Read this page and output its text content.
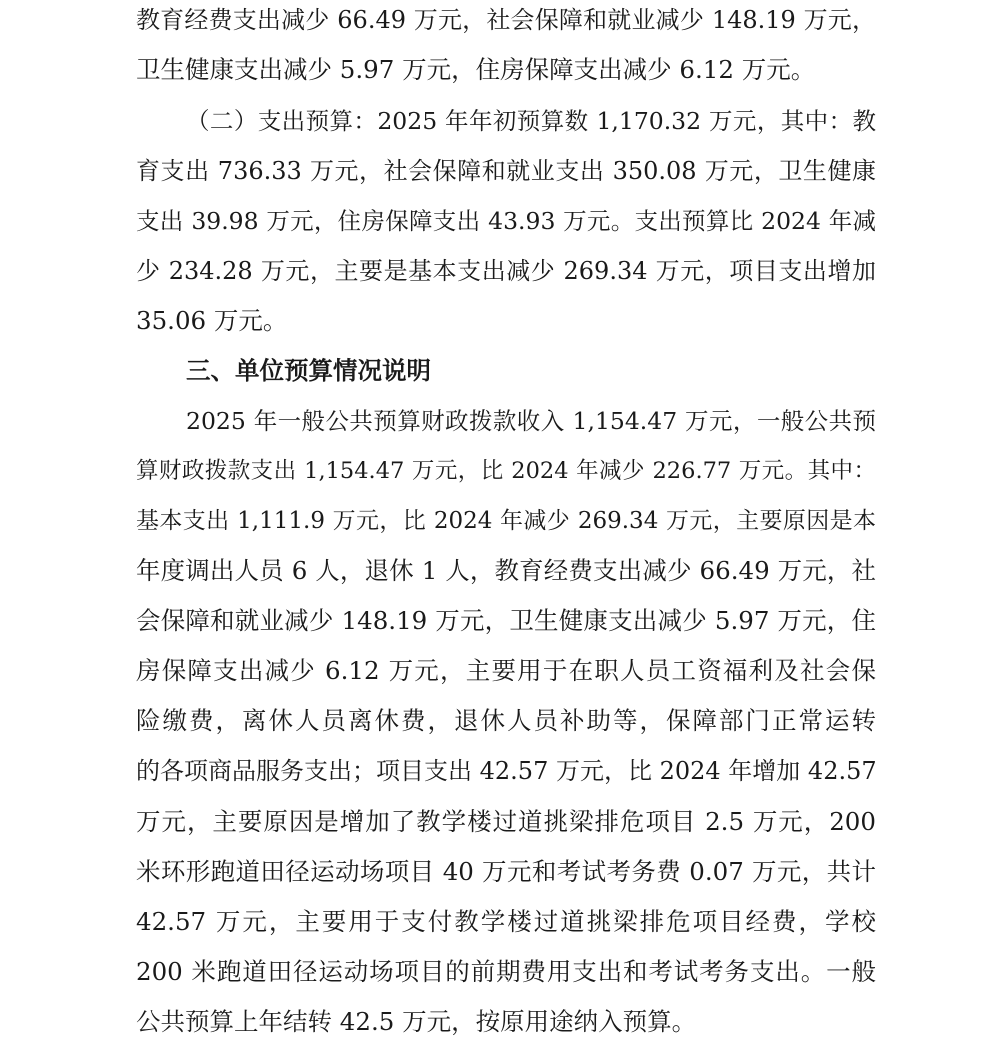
教育经费支出减少 66.49 万元，社会保障和就业减少 148.19 万元，
卫生健康支出减少 5.97 万元，住房保障支出减少 6.12 万元。
（二）支出预算：2025 年年初预算数 1,170.32 万元，其中：教
育支出 736.33 万元，社会保障和就业支出 350.08 万元，卫生健康
支出 39.98 万元，住房保障支出 43.93 万元。支出预算比 2024 年减
少 234.28 万元，主要是基本支出减少 269.34 万元，项目支出增加
35.06 万元。
三、单位预算情况说明
2025 年一般公共预算财政拨款收入 1,154.47 万元，一般公共预
算财政拨款支出 1,154.47 万元，比 2024 年减少 226.77 万元。其中：
基本支出 1,111.9 万元，比 2024 年减少 269.34 万元，主要原因是本
年度调出人员 6 人，退休 1 人，教育经费支出减少 66.49 万元，社
会保障和就业减少 148.19 万元，卫生健康支出减少 5.97 万元，住
房保障支出减少 6.12 万元，主要用于在职人员工资福利及社会保
险缴费，离休人员离休费，退休人员补助等，保障部门正常运转
的各项商品服务支出；项目支出 42.57 万元，比 2024 年增加 42.57
万元，主要原因是增加了教学楼过道挑梁排危项目 2.5 万元，200
米环形跑道田径运动场项目 40 万元和考试考务费 0.07 万元，共计
42.57 万元，主要用于支付教学楼过道挑梁排危项目经费，学校
200 米跑道田径运动场项目的前期费用支出和考试考务支出。一般
公共预算上年结转 42.5 万元，按原用途纳入预算。
